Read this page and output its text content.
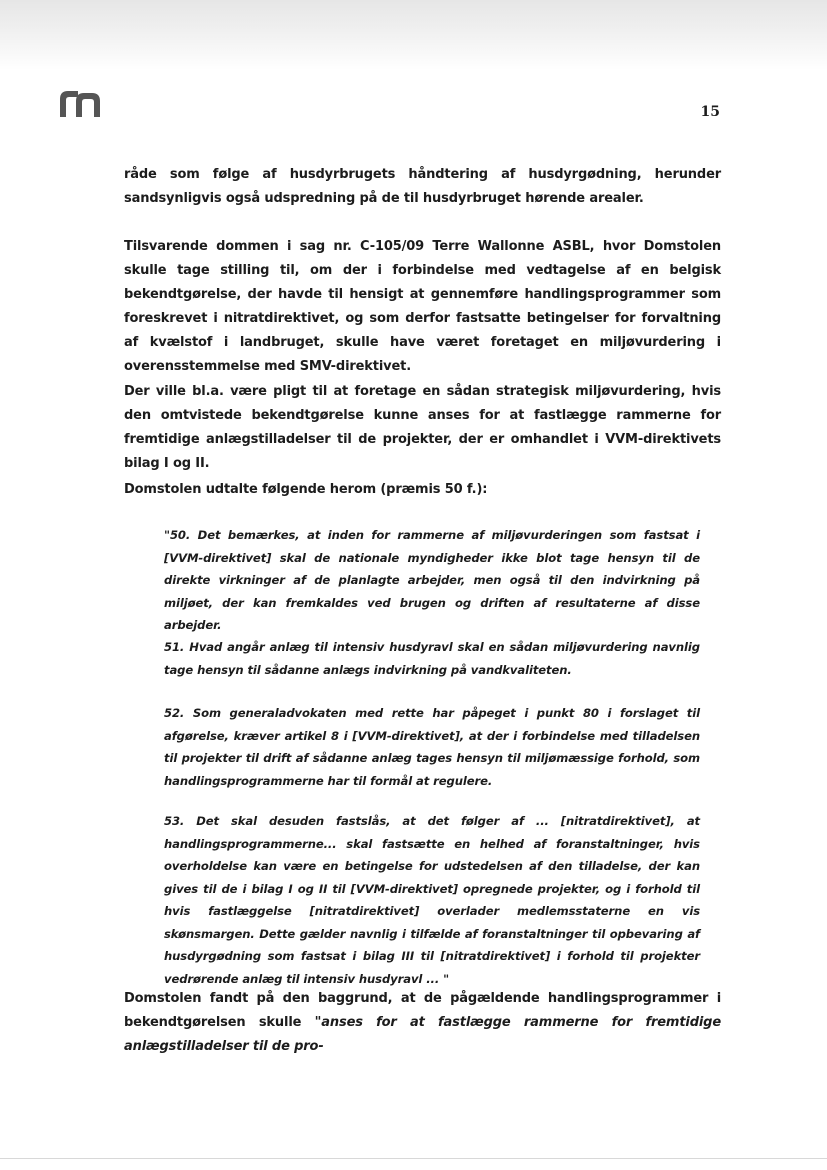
15

råde som følge af husdyrbrugets håndtering af husdyrgødning, herunder sandsynligvis også udspredning på de til husdyrbruget hørende arealer.

Tilsvarende dommen i sag nr. C-105/09 Terre Wallonne ASBL, hvor Domstolen skulle tage stilling til, om der i forbindelse med vedtagelse af en belgisk bekendtgørelse, der havde til hensigt at gennemføre handlingsprogrammer som foreskrevet i nitratdirektivet, og som derfor fastsatte betingelser for forvaltning af kvælstof i landbruget, skulle have været foretaget en miljøvurdering i overensstemmelse med SMV-direktivet.

Der ville bl.a. være pligt til at foretage en sådan strategisk miljøvurdering, hvis den omtvistede bekendtgørelse kunne anses for at fastlægge rammerne for fremtidige anlægstilladelser til de projekter, der er omhandlet i VVM-direktivets bilag I og II.

Domstolen udtalte følgende herom (præmis 50 f.):

"50. Det bemærkes, at inden for rammerne af miljøvurderingen som fastsat i [VVM-direktivet] skal de nationale myndigheder ikke blot tage hensyn til de direkte virkninger af de planlagte arbejder, men også til den indvirkning på miljøet, der kan fremkaldes ved brugen og driften af resultaterne af disse arbejder.

51. Hvad angår anlæg til intensiv husdyravl skal en sådan miljøvurdering navnlig tage hensyn til sådanne anlægs indvirkning på vandkvaliteten.

52. Som generaladvokaten med rette har påpeget i punkt 80 i forslaget til afgørelse, kræver artikel 8 i [VVM-direktivet], at der i forbindelse med tilladelsen til projekter til drift af sådanne anlæg tages hensyn til miljømæssige forhold, som handlingsprogrammerne har til formål at regulere.

53. Det skal desuden fastslås, at det følger af ... [nitratdirektivet], at handlingsprogrammerne... skal fastsætte en helhed af foranstaltninger, hvis overholdelse kan være en betingelse for udstedelsen af den tilladelse, der kan gives til de i bilag I og II til [VVM-direktivet] opregnede projekter, og i forhold til hvis fastlæggelse [nitratdirektivet] overlader medlemsstaterne en vis skønsmargen. Dette gælder navnlig i tilfælde af foranstaltninger til opbevaring af husdyrgødning som fastsat i bilag III til [nitratdirektivet] i forhold til projekter vedrørende anlæg til intensiv husdyravl ... "

Domstolen fandt på den baggrund, at de pågældende handlingsprogrammer i bekendtgørelsen skulle "anses for at fastlægge rammerne for fremtidige anlægstilladelser til de pro-
